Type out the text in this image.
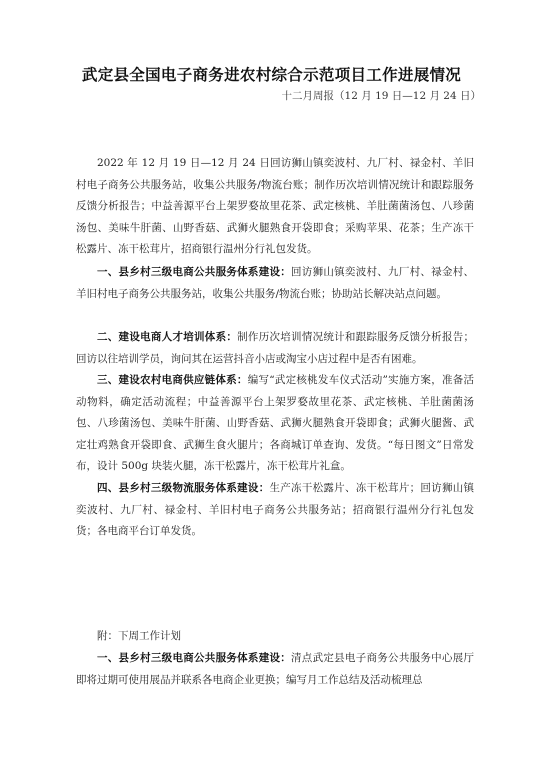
武定县全国电子商务进农村综合示范项目工作进展情况
十二月周报（12 月 19 日—12 月 24 日）
2022 年 12 月 19 日—12 月 24 日回访狮山镇奕波村、九厂村、禄金村、羊旧村电子商务公共服务站，收集公共服务/物流台账；制作历次培训情况统计和跟踪服务反馈分析报告；中益善源平台上架罗婺故里花茶、武定核桃、羊肚菌菌汤包、八珍菌汤包、美味牛肝菌、山野香菇、武狮火腿熟食开袋即食；采购苹果、花茶；生产冻干松露片、冻干松茸片，招商银行温州分行礼包发货。
一、县乡村三级电商公共服务体系建设：回访狮山镇奕波村、九厂村、禄金村、羊旧村电子商务公共服务站，收集公共服务/物流台账；协助站长解决站点问题。
二、建设电商人才培训体系：制作历次培训情况统计和跟踪服务反馈分析报告；回访以往培训学员，询问其在运营抖音小店或淘宝小店过程中是否有困难。
三、建设农村电商供应链体系：编写“武定核桃发车仪式活动”实施方案，准备活动物料，确定活动流程；中益善源平台上架罗婺故里花茶、武定核桃、羊肚菌菌汤包、八珍菌汤包、美味牛肝菌、山野香菇、武狮火腿熟食开袋即食；武狮火腿酱、武定壮鸡熟食开袋即食、武狮生食火腿片；各商城订单查询、发货。“每日图文”日常发布，设计 500g 块装火腿，冻干松露片，冻干松茸片礼盒。
四、县乡村三级物流服务体系建设：生产冻干松露片、冻干松茸片；回访狮山镇奕波村、九厂村、禄金村、羊旧村电子商务公共服务站；招商银行温州分行礼包发货；各电商平台订单发货。
附：下周工作计划
一、县乡村三级电商公共服务体系建设：清点武定县电子商务公共服务中心展厅即将过期可使用展品并联系各电商企业更换；编写月工作总结及活动梳理总
